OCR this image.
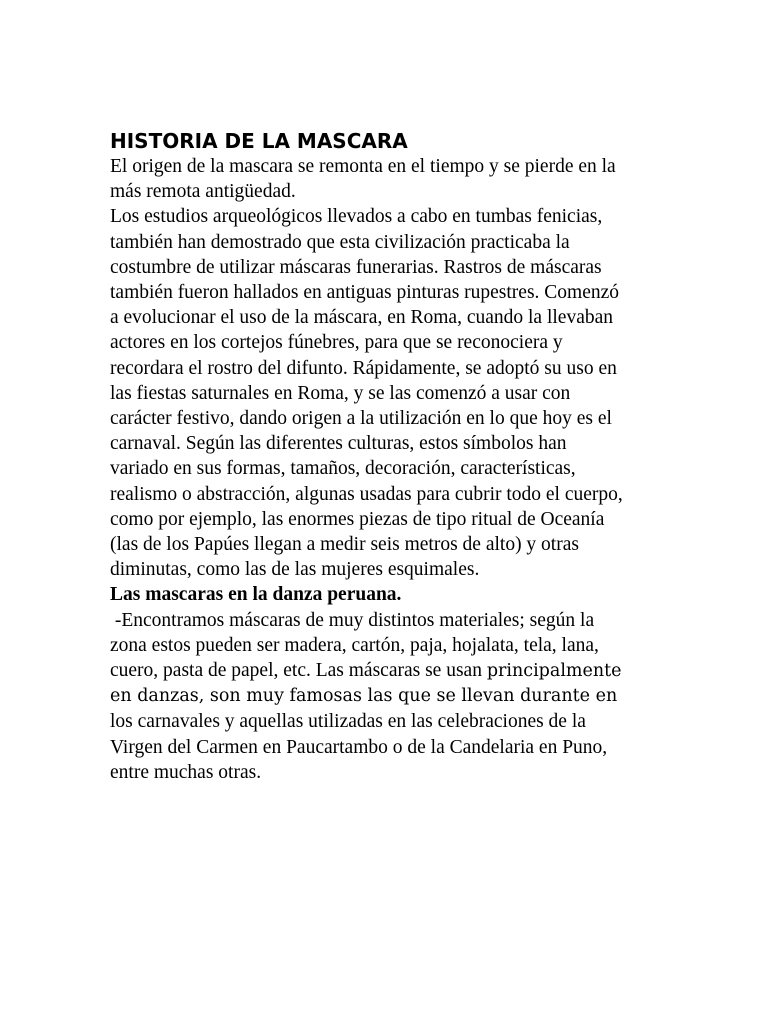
HISTORIA DE LA MASCARA
El origen de la mascara se remonta en el tiempo y se pierde en la
más remota antigüedad.
Los estudios arqueológicos llevados a cabo en tumbas fenicias,
también han demostrado que esta civilización practicaba la
costumbre de utilizar máscaras funerarias. Rastros de máscaras
también fueron hallados en antiguas pinturas rupestres. Comenzó
a evolucionar el uso de la máscara, en Roma, cuando la llevaban
actores en los cortejos fúnebres, para que se reconociera y
recordara el rostro del difunto. Rápidamente, se adoptó su uso en
las fiestas saturnales en Roma, y se las comenzó a usar con
carácter festivo, dando origen a la utilización en lo que hoy es el
carnaval. Según las diferentes culturas, estos símbolos han
variado en sus formas, tamaños, decoración, características,
realismo o abstracción, algunas usadas para cubrir todo el cuerpo,
como por ejemplo, las enormes piezas de tipo ritual de Oceanía
(las de los Papúes llegan a medir seis metros de alto) y otras
diminutas, como las de las mujeres esquimales.
Las mascaras en la danza peruana.
-Encontramos máscaras de muy distintos materiales; según la
zona estos pueden ser madera, cartón, paja, hojalata, tela, lana,
cuero, pasta de papel, etc. Las máscaras se usan principalmente
en danzas, son muy famosas las que se llevan durante en
los carnavales y aquellas utilizadas en las celebraciones de la
Virgen del Carmen en Paucartambo o de la Candelaria en Puno,
entre muchas otras.
